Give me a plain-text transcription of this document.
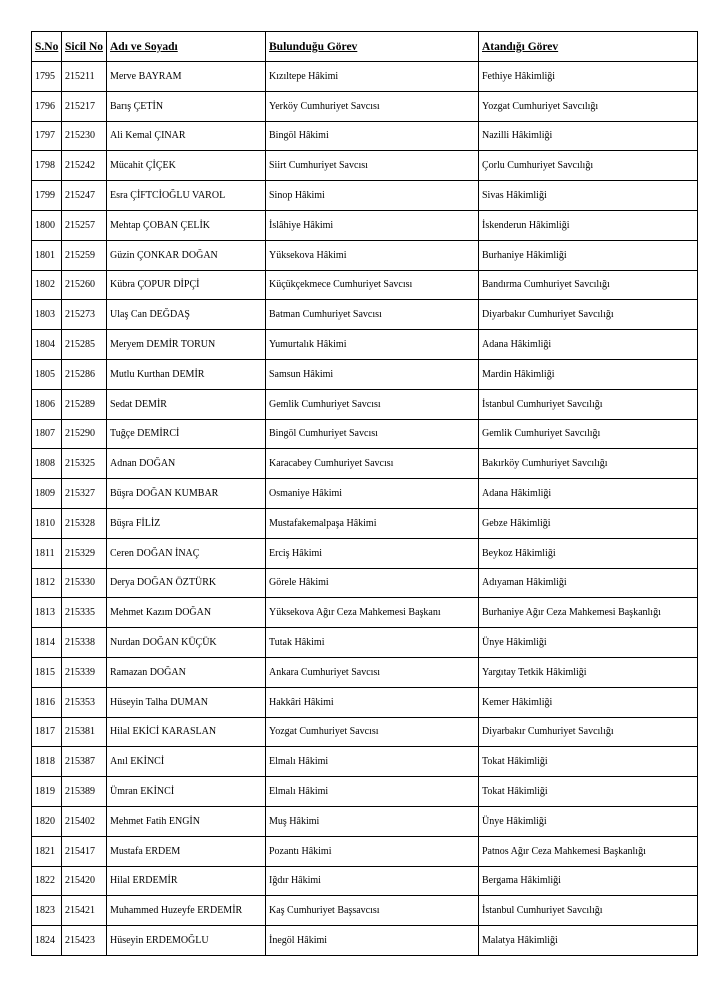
S.No	Sicil No	Adı ve Soyadı	Bulunduğu Görev	Atandığı Görev
1795	215211	Merve BAYRAM	Kızıltepe Hâkimi	Fethiye Hâkimliği
1796	215217	Barış ÇETİN	Yerköy Cumhuriyet Savcısı	Yozgat Cumhuriyet Savcılığı
1797	215230	Ali Kemal ÇINAR	Bingöl Hâkimi	Nazilli Hâkimliği
1798	215242	Mücahit ÇİÇEK	Siirt Cumhuriyet Savcısı	Çorlu Cumhuriyet Savcılığı
1799	215247	Esra ÇİFTCİOĞLU VAROL	Sinop Hâkimi	Sivas Hâkimliği
1800	215257	Mehtap ÇOBAN ÇELİK	İslâhiye Hâkimi	İskenderun Hâkimliği
1801	215259	Güzin ÇONKAR DOĞAN	Yüksekova Hâkimi	Burhaniye Hâkimliği
1802	215260	Kübra ÇOPUR DİPÇİ	Küçükçekmece Cumhuriyet Savcısı	Bandırma Cumhuriyet Savcılığı
1803	215273	Ulaş Can DEĞDAŞ	Batman Cumhuriyet Savcısı	Diyarbakır Cumhuriyet Savcılığı
1804	215285	Meryem DEMİR TORUN	Yumurtalık Hâkimi	Adana Hâkimliği
1805	215286	Mutlu Kurthan DEMİR	Samsun Hâkimi	Mardin Hâkimliği
1806	215289	Sedat DEMİR	Gemlik Cumhuriyet Savcısı	İstanbul Cumhuriyet Savcılığı
1807	215290	Tuğçe DEMİRCİ	Bingöl Cumhuriyet Savcısı	Gemlik Cumhuriyet Savcılığı
1808	215325	Adnan DOĞAN	Karacabey Cumhuriyet Savcısı	Bakırköy Cumhuriyet Savcılığı
1809	215327	Büşra DOĞAN KUMBAR	Osmaniye Hâkimi	Adana Hâkimliği
1810	215328	Büşra FİLİZ	Mustafakemalpaşa Hâkimi	Gebze Hâkimliği
1811	215329	Ceren DOĞAN İNAÇ	Erciş Hâkimi	Beykoz Hâkimliği
1812	215330	Derya DOĞAN ÖZTÜRK	Görele Hâkimi	Adıyaman Hâkimliği
1813	215335	Mehmet Kazım DOĞAN	Yüksekova Ağır Ceza Mahkemesi Başkanı	Burhaniye Ağır Ceza Mahkemesi Başkanlığı
1814	215338	Nurdan DOĞAN KÜÇÜK	Tutak Hâkimi	Ünye Hâkimliği
1815	215339	Ramazan DOĞAN	Ankara Cumhuriyet Savcısı	Yargıtay Tetkik Hâkimliği
1816	215353	Hüseyin Talha DUMAN	Hakkâri Hâkimi	Kemer Hâkimliği
1817	215381	Hilal EKİCİ KARASLAN	Yozgat Cumhuriyet Savcısı	Diyarbakır Cumhuriyet Savcılığı
1818	215387	Anıl EKİNCİ	Elmalı Hâkimi	Tokat Hâkimliği
1819	215389	Ümran EKİNCİ	Elmalı Hâkimi	Tokat Hâkimliği
1820	215402	Mehmet Fatih ENGİN	Muş Hâkimi	Ünye Hâkimliği
1821	215417	Mustafa ERDEM	Pozantı Hâkimi	Patnos Ağır Ceza Mahkemesi Başkanlığı
1822	215420	Hilal ERDEMİR	Iğdır Hâkimi	Bergama Hâkimliği
1823	215421	Muhammed Huzeyfe ERDEMİR	Kaş Cumhuriyet Başsavcısı	İstanbul Cumhuriyet Savcılığı
1824	215423	Hüseyin ERDEMOĞLU	İnegöl Hâkimi	Malatya Hâkimliği
